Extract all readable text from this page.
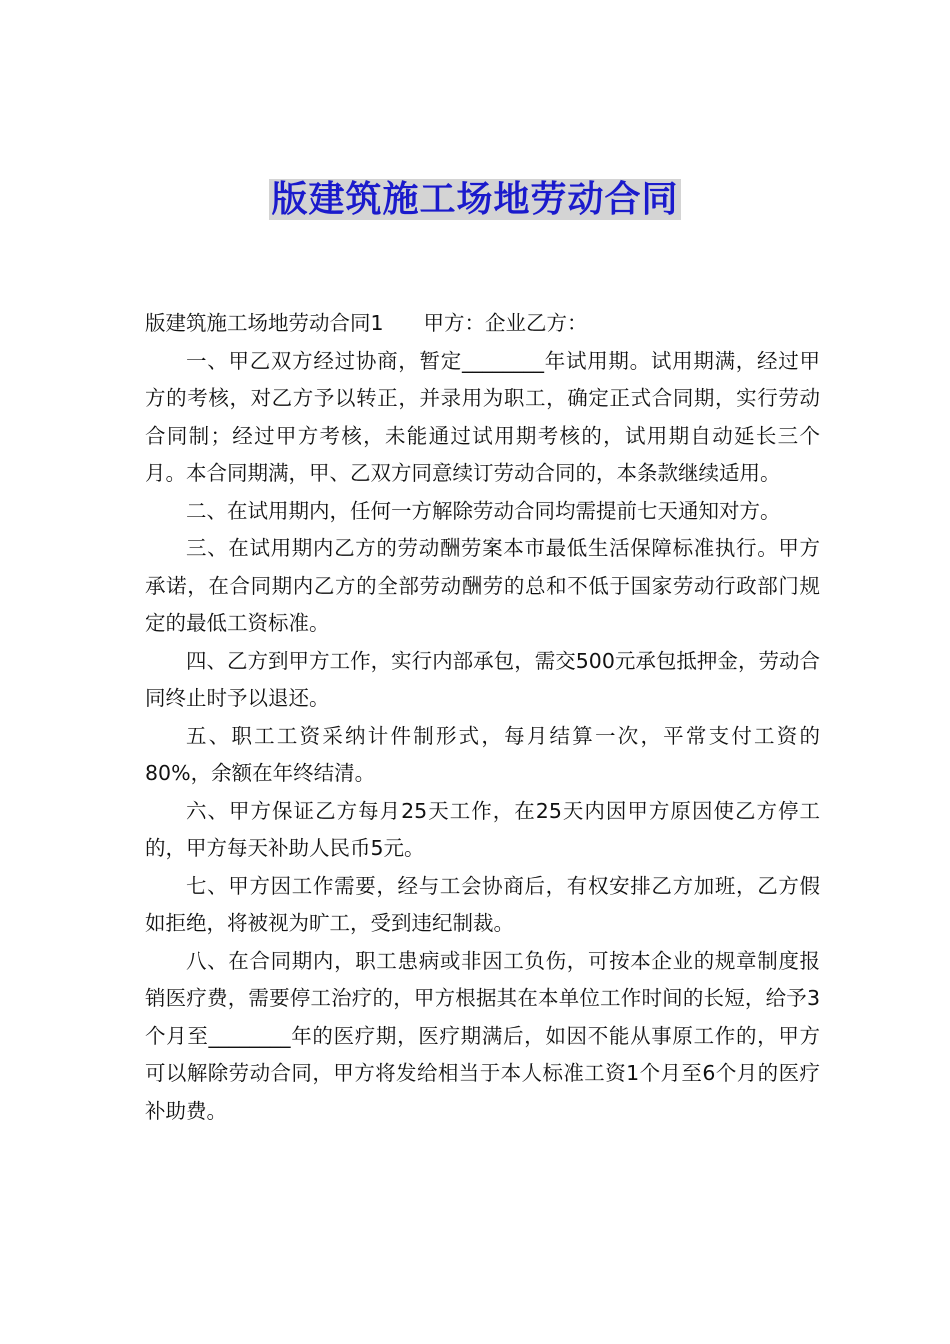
版建筑施工场地劳动合同

版建筑施工场地劳动合同1 甲方：企业乙方：

一、甲乙双方经过协商，暂定________年试用期。试用期满，经过甲方的考核，对乙方予以转正，并录用为职工，确定正式合同期，实行劳动合同制；经过甲方考核，未能通过试用期考核的，试用期自动延长三个月。本合同期满，甲、乙双方同意续订劳动合同的，本条款继续适用。

二、在试用期内，任何一方解除劳动合同均需提前七天通知对方。

三、在试用期内乙方的劳动酬劳案本市最低生活保障标准执行。甲方承诺，在合同期内乙方的全部劳动酬劳的总和不低于国家劳动行政部门规定的最低工资标准。

四、乙方到甲方工作，实行内部承包，需交500元承包抵押金，劳动合同终止时予以退还。

五、职工工资采纳计件制形式，每月结算一次，平常支付工资的80%，余额在年终结清。

六、甲方保证乙方每月25天工作，在25天内因甲方原因使乙方停工的，甲方每天补助人民币5元。

七、甲方因工作需要，经与工会协商后，有权安排乙方加班，乙方假如拒绝，将被视为旷工，受到违纪制裁。

八、在合同期内，职工患病或非因工负伤，可按本企业的规章制度报销医疗费，需要停工治疗的，甲方根据其在本单位工作时间的长短，给予3个月至________年的医疗期，医疗期满后，如因不能从事原工作的，甲方可以解除劳动合同，甲方将发给相当于本人标准工资1个月至6个月的医疗补助费。
